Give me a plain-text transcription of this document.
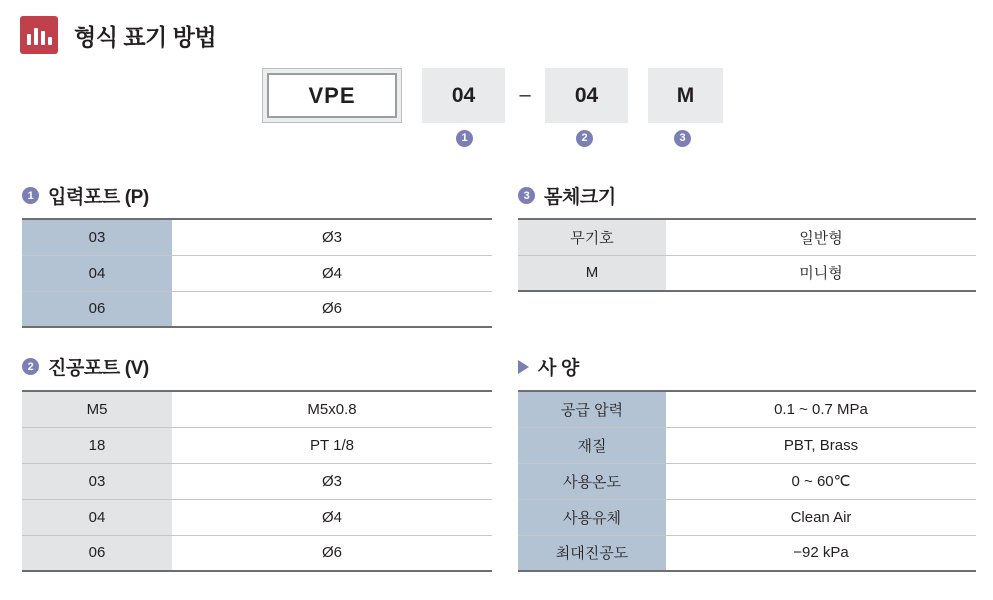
형식 표기 방법
VPE	04	–	04	M
1	2	3
1 입력포트 (P)
03	Ø3
04	Ø4
06	Ø6
2 진공포트 (V)
M5	M5x0.8
18	PT 1/8
03	Ø3
04	Ø4
06	Ø6
3 몸체크기
무기호	일반형
M	미니형
사 양
공급 압력	0.1 ~ 0.7 MPa
재질	PBT, Brass
사용온도	0 ~ 60℃
사용유체	Clean Air
최대진공도	−92 kPa
